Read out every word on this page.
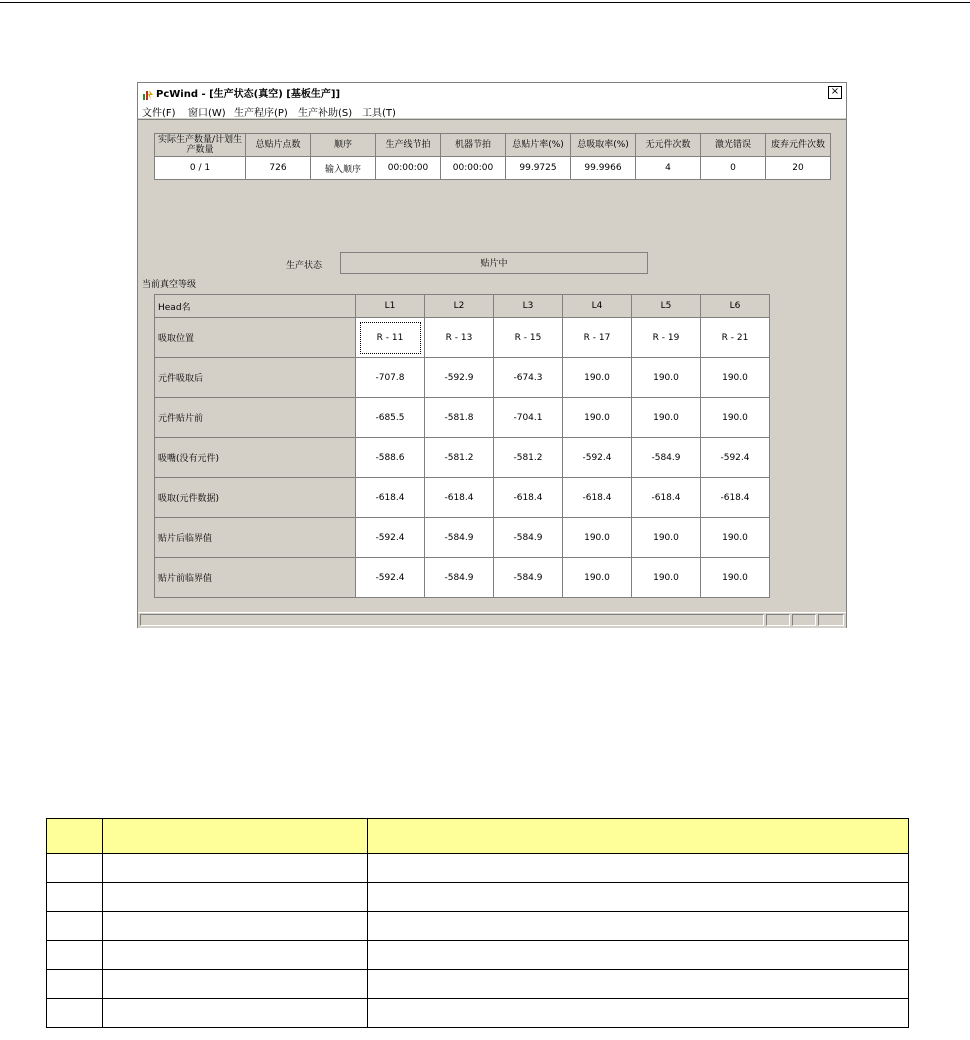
PcWind - [生产状态(真空) [基板生产]]	×
文件(F) 窗口(W) 生产程序(P) 生产补助(S) 工具(T)
实际生产数量/计划生产数量	总贴片点数	顺序	生产线节拍	机器节拍	总贴片率(%)	总吸取率(%)	无元件次数	激光错误	废弃元件次数
0 / 1	726	输入顺序	00:00:00	00:00:00	99.9725	99.9966	4	0	20
生产状态	贴片中
当前真空等级
Head名	L1	L2	L3	L4	L5	L6
吸取位置	R - 11	R - 13	R - 15	R - 17	R - 19	R - 21
元件吸取后	-707.8	-592.9	-674.3	190.0	190.0	190.0
元件贴片前	-685.5	-581.8	-704.1	190.0	190.0	190.0
吸嘴(没有元件)	-588.6	-581.2	-581.2	-592.4	-584.9	-592.4
吸取(元件数据)	-618.4	-618.4	-618.4	-618.4	-618.4	-618.4
贴片后临界值	-592.4	-584.9	-584.9	190.0	190.0	190.0
贴片前临界值	-592.4	-584.9	-584.9	190.0	190.0	190.0
